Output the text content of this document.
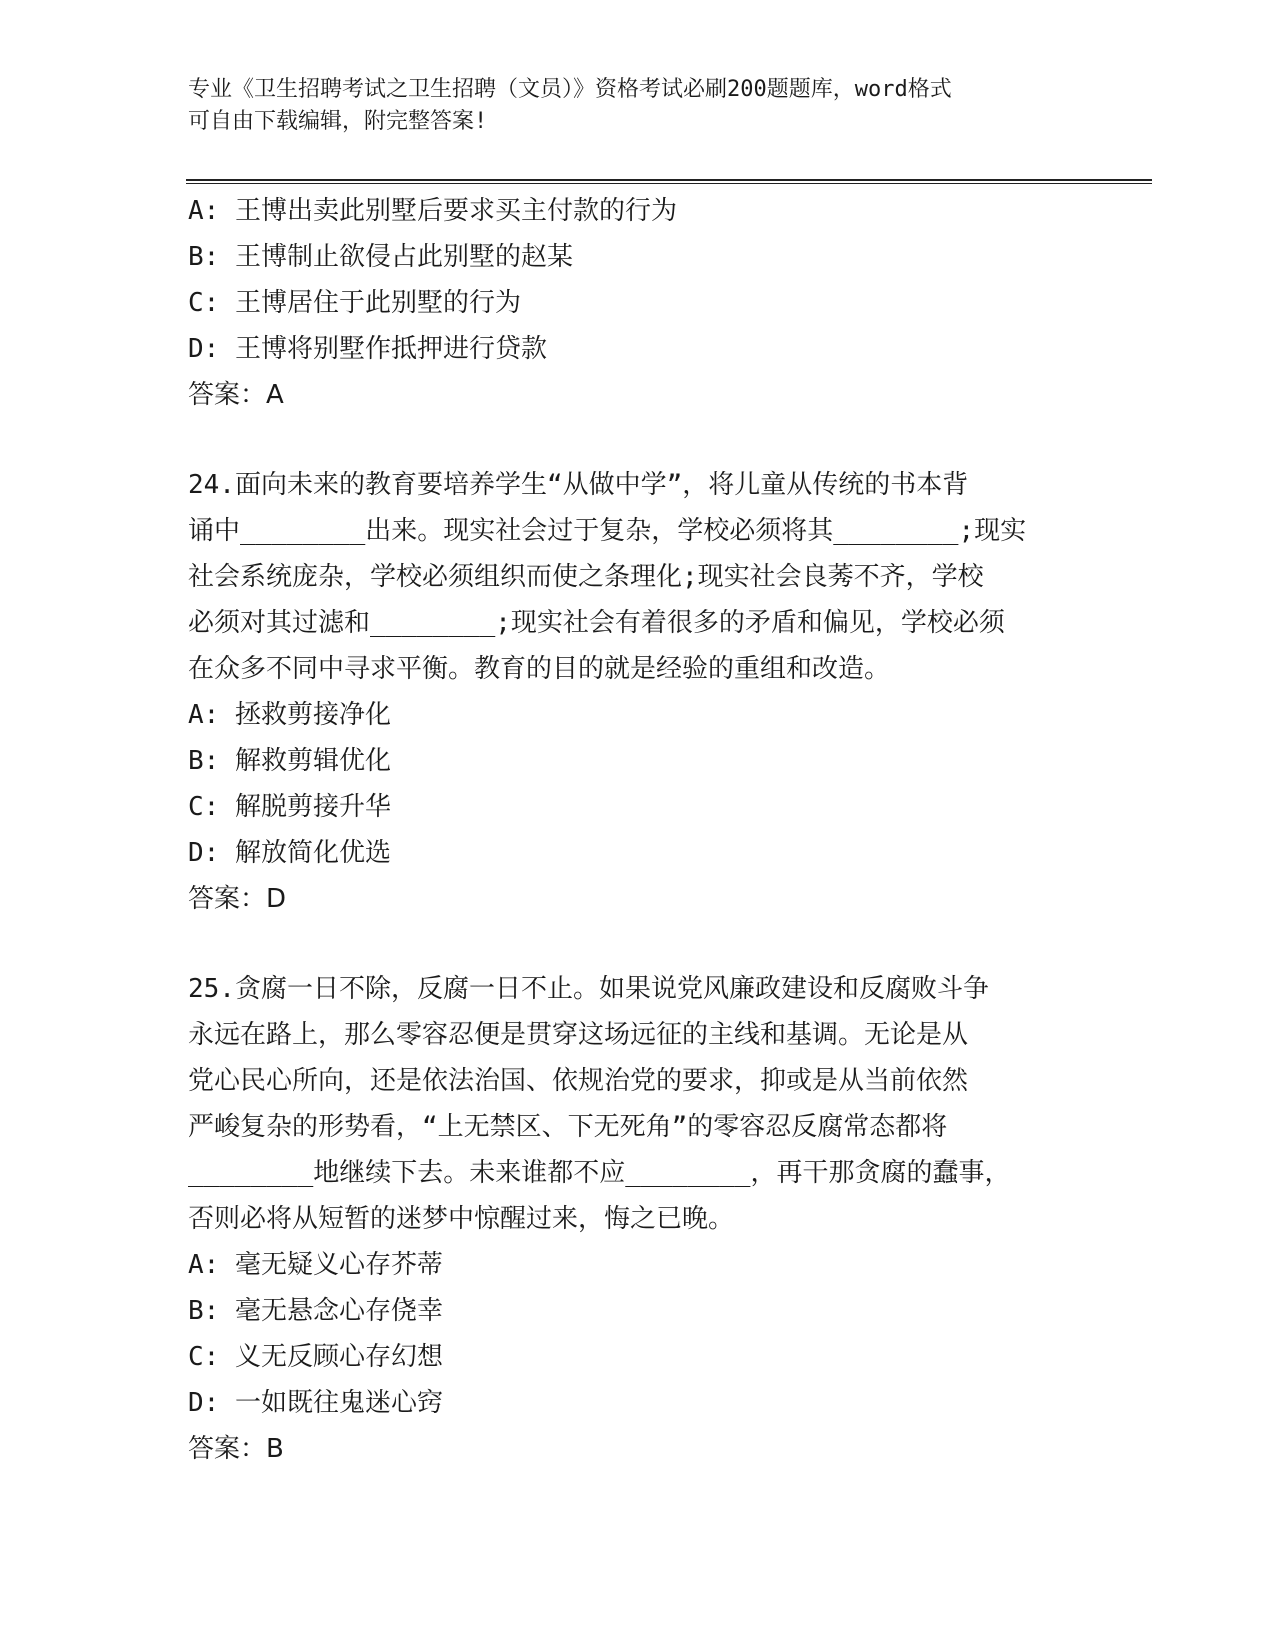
专业《卫生招聘考试之卫生招聘（文员）》资格考试必刷200题题库，word格式
可自由下载编辑，附完整答案!
A: 王博出卖此别墅后要求买主付款的行为
B: 王博制止欲侵占此别墅的赵某
C: 王博居住于此别墅的行为
D: 王博将别墅作抵押进行贷款
答案：A
24.面向未来的教育要培养学生“从做中学”，将儿童从传统的书本背
诵中________出来。现实社会过于复杂，学校必须将其________;现实
社会系统庞杂，学校必须组织而使之条理化;现实社会良莠不齐，学校
必须对其过滤和________;现实社会有着很多的矛盾和偏见，学校必须
在众多不同中寻求平衡。教育的目的就是经验的重组和改造。
A: 拯救剪接净化
B: 解救剪辑优化
C: 解脱剪接升华
D: 解放简化优选
答案：D
25.贪腐一日不除，反腐一日不止。如果说党风廉政建设和反腐败斗争
永远在路上，那么零容忍便是贯穿这场远征的主线和基调。无论是从
党心民心所向，还是依法治国、依规治党的要求，抑或是从当前依然
严峻复杂的形势看，“上无禁区、下无死角”的零容忍反腐常态都将
________地继续下去。未来谁都不应________，再干那贪腐的蠢事，
否则必将从短暂的迷梦中惊醒过来，悔之已晚。
A: 毫无疑义心存芥蒂
B: 毫无悬念心存侥幸
C: 义无反顾心存幻想
D: 一如既往鬼迷心窍
答案：B
